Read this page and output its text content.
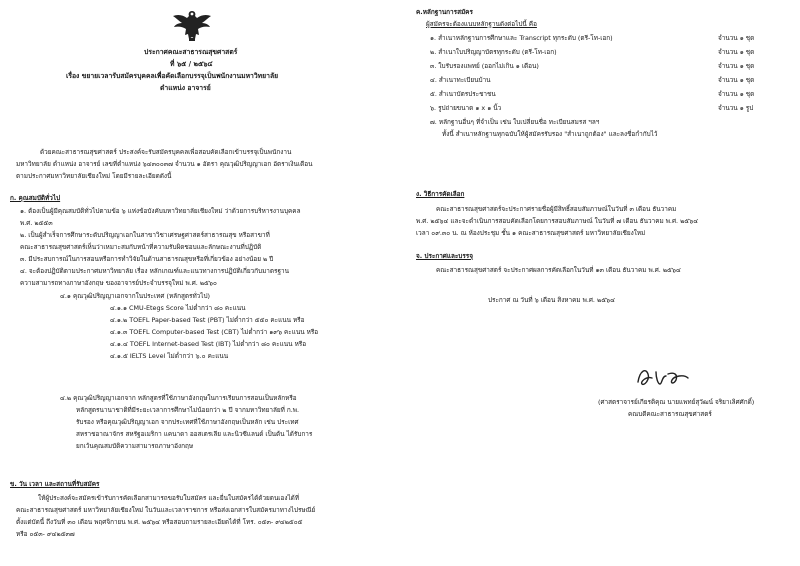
ประกาศคณะสาธารณสุขศาสตร์
ที่ ๖๕ / ๒๕๖๔
เรื่อง ขยายเวลารับสมัครบุคคลเพื่อคัดเลือกบรรจุเป็นพนักงานมหาวิทยาลัย
ตำแหน่ง อาจารย์
ด้วยคณะสาธารณสุขศาสตร์ ประสงค์จะรับสมัครบุคคลเพื่อสอบคัดเลือกเข้าบรรจุเป็นพนักงาน
มหาวิทยาลัย ตำแหน่ง อาจารย์ เลขที่ตำแหน่ง ๖๔๓๐๐๓๗ จำนวน ๑ อัตรา คุณวุฒิปริญญาเอก อัตราเงินเดือน
ตามประกาศมหาวิทยาลัยเชียงใหม่ โดยมีรายละเอียดดังนี้
ก. คุณสมบัติทั่วไป
๑. ต้องเป็นผู้มีคุณสมบัติทั่วไปตามข้อ ๖ แห่งข้อบังคับมหาวิทยาลัยเชียงใหม่ ว่าด้วยการบริหารงานบุคคล
พ.ศ. ๒๕๕๓
๒. เป็นผู้สำเร็จการศึกษาระดับปริญญาเอกในสาขาวิชาเศรษฐศาสตร์สาธารณสุข หรือสาขาที่
คณะสาธารณสุขศาสตร์เห็นว่าเหมาะสมกับหน้าที่ความรับผิดชอบและลักษณะงานที่ปฏิบัติ
๓. มีประสบการณ์ในการสอนหรือการทำวิจัยในด้านสาธารณสุขหรือที่เกี่ยวข้อง อย่างน้อย ๒ ปี
๔. จะต้องปฏิบัติตามประกาศมหาวิทยาลัย เรื่อง หลักเกณฑ์และแนวทางการปฏิบัติเกี่ยวกับมาตรฐาน
ความสามารถทางภาษาอังกฤษ ของอาจารย์ประจำบรรจุใหม่ พ.ศ. ๒๕๖๐
๔.๑ คุณวุฒิปริญญาเอกจากในประเทศ (หลักสูตรทั่วไป)
๔.๑.๑ CMU-Etegs Score ไม่ต่ำกว่า ๘๐ คะแนน
๔.๑.๒ TOEFL Paper-based Test (PBT) ไม่ต่ำกว่า ๕๕๐ คะแนน หรือ
๔.๑.๓ TOEFL Computer-based Test (CBT) ไม่ต่ำกว่า ๑๙๖ คะแนน หรือ
๔.๑.๔ TOEFL Internet-based Test (IBT) ไม่ต่ำกว่า ๘๐ คะแนน หรือ
๔.๑.๕ IELTS Level ไม่ต่ำกว่า ๖.๐ คะแนน
๔.๒ คุณวุฒิปริญญาเอกจาก หลักสูตรที่ใช้ภาษาอังกฤษในการเรียนการสอนเป็นหลักหรือ
หลักสูตรนานาชาติที่มีระยะเวลาการศึกษาไม่น้อยกว่า ๒ ปี จากมหาวิทยาลัยที่ ก.พ.
รับรอง หรือคุณวุฒิปริญญาเอก จากประเทศที่ใช้ภาษาอังกฤษเป็นหลัก เช่น ประเทศ
สหราชอาณาจักร สหรัฐอเมริกา แคนาดา ออสเตรเลีย และนิวซีแลนด์ เป็นต้น ได้รับการ
ยกเว้นคุณสมบัติความสามารถภาษาอังกฤษ
ข. วัน เวลา และสถานที่รับสมัคร
ให้ผู้ประสงค์จะสมัครเข้ารับการคัดเลือกสามารถขอรับใบสมัคร และยื่นใบสมัครได้ด้วยตนเองได้ที่
คณะสาธารณสุขศาสตร์ มหาวิทยาลัยเชียงใหม่ ในวันและเวลาราชการ หรือส่งเอกสารใบสมัครมาทางไปรษณีย์
ตั้งแต่บัดนี้ ถึงวันที่ ๓๐ เดือน พฤศจิกายน พ.ศ. ๒๕๖๔ หรือสอบถามรายละเอียดได้ที่ โทร. ๐๕๓- ๙๔๒๕๐๕
หรือ ๐๕๓- ๙๔๒๕๓๗
ค.หลักฐานการสมัคร
ผู้สมัครจะต้องแนบหลักฐานดังต่อไปนี้ คือ
๑. สำเนาหลักฐานการศึกษาและ Transcript ทุกระดับ (ตรี-โท-เอก)	จำนวน ๑ ชุด
๒. สำเนาใบปริญญาบัตรทุกระดับ (ตรี-โท-เอก)	จำนวน ๑ ชุด
๓. ใบรับรองแพทย์ (ออกไม่เกิน ๑ เดือน)	จำนวน ๑ ชุด
๔. สำเนาทะเบียนบ้าน	จำนวน ๑ ชุด
๕. สำเนาบัตรประชาชน	จำนวน ๑ ชุด
๖. รูปถ่ายขนาด ๑ x ๑ นิ้ว	จำนวน ๑ รูป
๗. หลักฐานอื่นๆ ที่จำเป็น เช่น ใบเปลี่ยนชื่อ ทะเบียนสมรส ฯลฯ
ทั้งนี้ สำเนาหลักฐานทุกฉบับให้ผู้สมัครรับรอง "สำเนาถูกต้อง" และลงชื่อกำกับไว้
ง. วิธีการคัดเลือก
คณะสาธารณสุขศาสตร์จะประกาศรายชื่อผู้มีสิทธิ์สอบสัมภาษณ์ในวันที่ ๓ เดือน ธันวาคม
พ.ศ. ๒๕๖๔ และจะดำเนินการสอบคัดเลือกโดยการสอบสัมภาษณ์ ในวันที่ ๗ เดือน ธันวาคม พ.ศ. ๒๕๖๔
เวลา ๐๙.๓๐ น. ณ ห้องประชุม ชั้น ๑ คณะสาธารณสุขศาสตร์ มหาวิทยาลัยเชียงใหม่
จ. ประกาศและบรรจุ
คณะสาธารณสุขศาสตร์ จะประกาศผลการคัดเลือกในวันที่ ๑๓ เดือน ธันวาคม พ.ศ. ๒๕๖๔
ประกาศ ณ วันที่ ๖ เดือน สิงหาคม พ.ศ. ๒๕๖๔
(ศาสตราจารย์เกียรติคุณ นายแพทย์สุวัฒน์ จริยาเลิศศักดิ์)
คณบดีคณะสาธารณสุขศาสตร์
